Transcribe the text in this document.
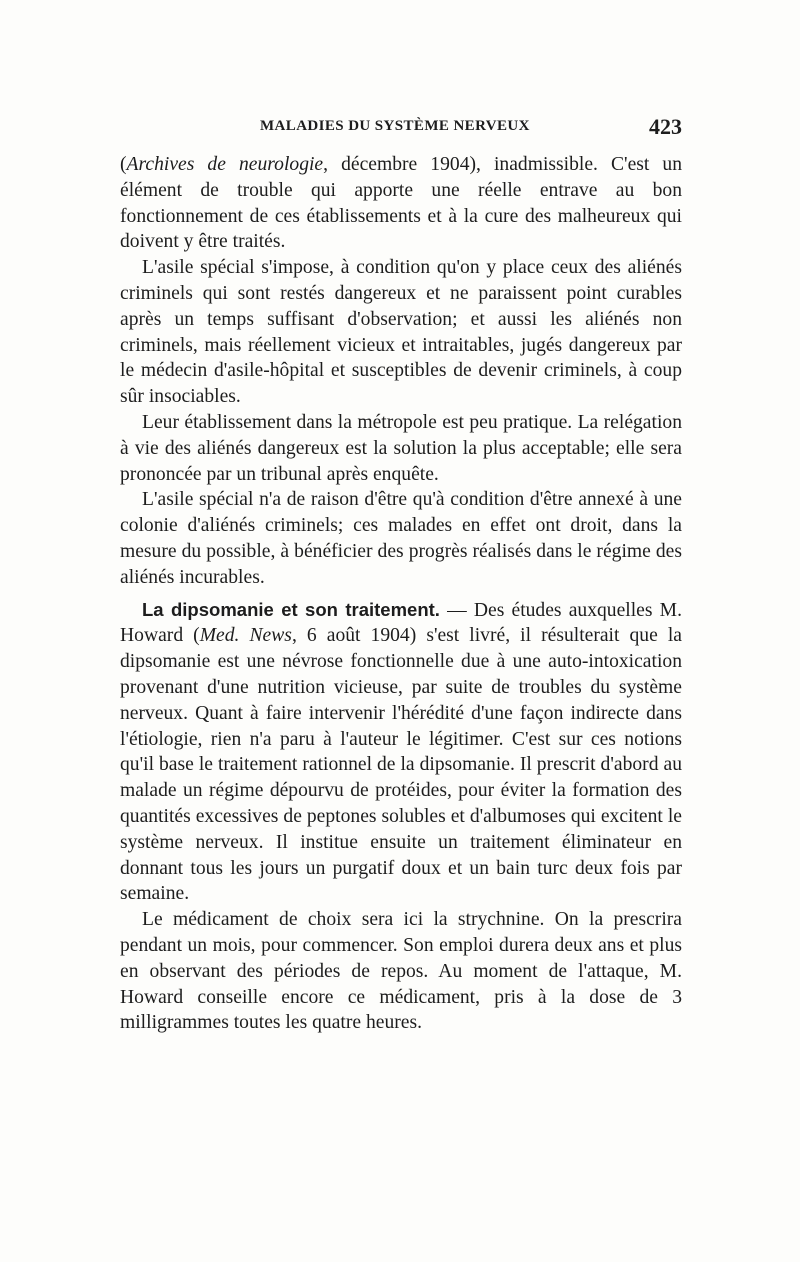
MALADIES DU SYSTÈME NERVEUX	423

(Archives de neurologie, décembre 1904), inadmissible. C'est un élément de trouble qui apporte une réelle entrave au bon fonctionnement de ces établissements et à la cure des malheureux qui doivent y être traités.

L'asile spécial s'impose, à condition qu'on y place ceux des aliénés criminels qui sont restés dangereux et ne paraissent point curables après un temps suffisant d'observation; et aussi les aliénés non criminels, mais réellement vicieux et intraitables, jugés dangereux par le médecin d'asile-hôpital et susceptibles de devenir criminels, à coup sûr insociables.

Leur établissement dans la métropole est peu pratique. La relégation à vie des aliénés dangereux est la solution la plus acceptable; elle sera prononcée par un tribunal après enquête.

L'asile spécial n'a de raison d'être qu'à condition d'être annexé à une colonie d'aliénés criminels; ces malades en effet ont droit, dans la mesure du possible, à bénéficier des progrès réalisés dans le régime des aliénés incurables.

La dipsomanie et son traitement. — Des études auxquelles M. Howard (Med. News, 6 août 1904) s'est livré, il résulterait que la dipsomanie est une névrose fonctionnelle due à une auto-intoxication provenant d'une nutrition vicieuse, par suite de troubles du système nerveux. Quant à faire intervenir l'hérédité d'une façon indirecte dans l'étiologie, rien n'a paru à l'auteur le légitimer. C'est sur ces notions qu'il base le traitement rationnel de la dipsomanie. Il prescrit d'abord au malade un régime dépourvu de protéides, pour éviter la formation des quantités excessives de peptones solubles et d'albumoses qui excitent le système nerveux. Il institue ensuite un traitement éliminateur en donnant tous les jours un purgatif doux et un bain turc deux fois par semaine.

Le médicament de choix sera ici la strychnine. On la prescrira pendant un mois, pour commencer. Son emploi durera deux ans et plus en observant des périodes de repos. Au moment de l'attaque, M. Howard conseille encore ce médicament, pris à la dose de 3 milligrammes toutes les quatre heures.
